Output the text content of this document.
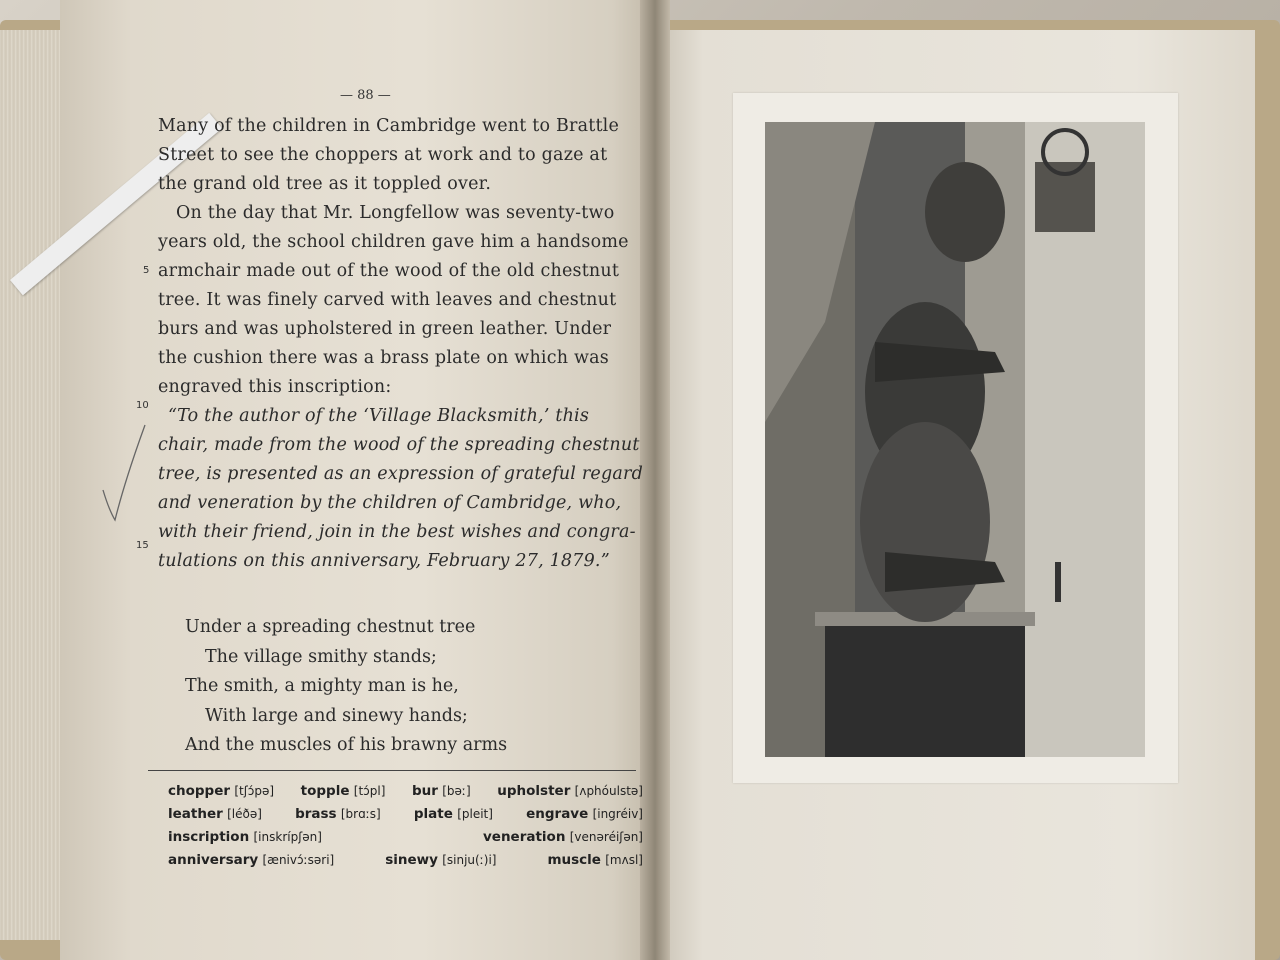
— 88 —
Many of the children in Cambridge went to Brattle
Street to see the choppers at work and to gaze at
the grand old tree as it toppled over.
On the day that Mr. Longfellow was seventy-two
years old, the school children gave him a handsome
armchair made out of the wood of the old chestnut
tree. It was finely carved with leaves and chestnut
burs and was upholstered in green leather. Under
the cushion there was a brass plate on which was
engraved this inscription:
“To the author of the ‘Village Blacksmith,’ this
chair, made from the wood of the spreading chestnut
tree, is presented as an expression of grateful regard
and veneration by the children of Cambridge, who,
with their friend, join in the best wishes and congra-
tulations on this anniversary, February 27, 1879.”
5
10
15
Under a spreading chestnut tree
The village smithy stands;
The smith, a mighty man is he,
With large and sinewy hands;
And the muscles of his brawny arms
chopper [tʃɔ́pə] topple [tɔ́pl] bur [bəː] upholster [ʌphóulstə]
leather [léðə] brass [brɑːs] plate [pleit] engrave [ingréiv]
inscription [inskrípʃən]	veneration [venəréiʃən]
anniversary [ænivɔ́ːsəri]	sinewy [sinju(ː)i]	muscle [mʌsl]
